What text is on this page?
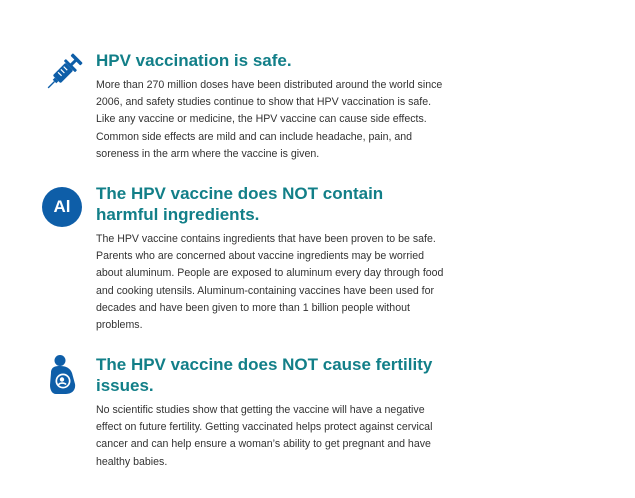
HPV vaccination is safe.

More than 270 million doses have been distributed around the world since 2006, and safety studies continue to show that HPV vaccination is safe. Like any vaccine or medicine, the HPV vaccine can cause side effects. Common side effects are mild and can include headache, pain, and soreness in the arm where the vaccine is given.

Al
The HPV vaccine does NOT contain harmful ingredients.

The HPV vaccine contains ingredients that have been proven to be safe. Parents who are concerned about vaccine ingredients may be worried about aluminum. People are exposed to aluminum every day through food and cooking utensils. Aluminum-containing vaccines have been used for decades and have been given to more than 1 billion people without problems.

The HPV vaccine does NOT cause fertility issues.

No scientific studies show that getting the vaccine will have a negative effect on future fertility. Getting vaccinated helps protect against cervical cancer and can help ensure a woman’s ability to get pregnant and have healthy babies.
